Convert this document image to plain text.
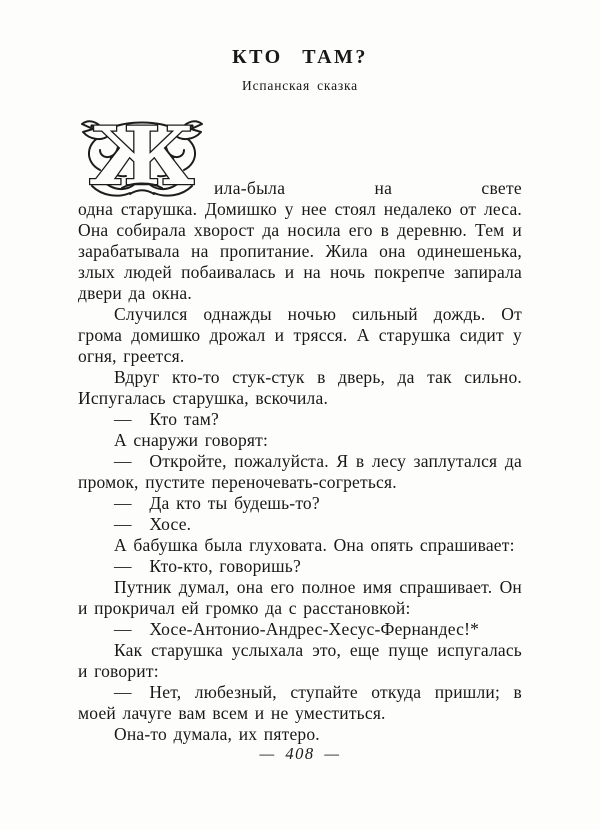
КТО ТАМ?
Испанская сказка
Ж	ила-была на свете

одна старушка. Домишко у нее стоял недалеко от леса. Она собирала хворост да носила его в деревню. Тем и зарабатывала на пропитание. Жила она одинешенька, злых людей побаивалась и на ночь покрепче запирала двери да окна.

Случился однажды ночью сильный дождь. От грома домишко дрожал и трясся. А старушка сидит у огня, греется.

Вдруг кто-то стук-стук в дверь, да так сильно. Испугалась старушка, вскочила.

— Кто там?

А снаружи говорят:

— Откройте, пожалуйста. Я в лесу заплутался да промок, пустите переночевать-согреться.

— Да кто ты будешь-то?

— Хосе.

А бабушка была глуховата. Она опять спрашивает:

— Кто-кто, говоришь?

Путник думал, она его полное имя спрашивает. Он и прокричал ей громко да с расстановкой:

— Хосе-Антонио-Андрес-Хесус-Фернандес!*

Как старушка услыхала это, еще пуще испугалась и говорит:

— Нет, любезный, ступайте откуда пришли; в моей лачуге вам всем и не уместиться.

Она-то думала, их пятеро.

— 408 —
